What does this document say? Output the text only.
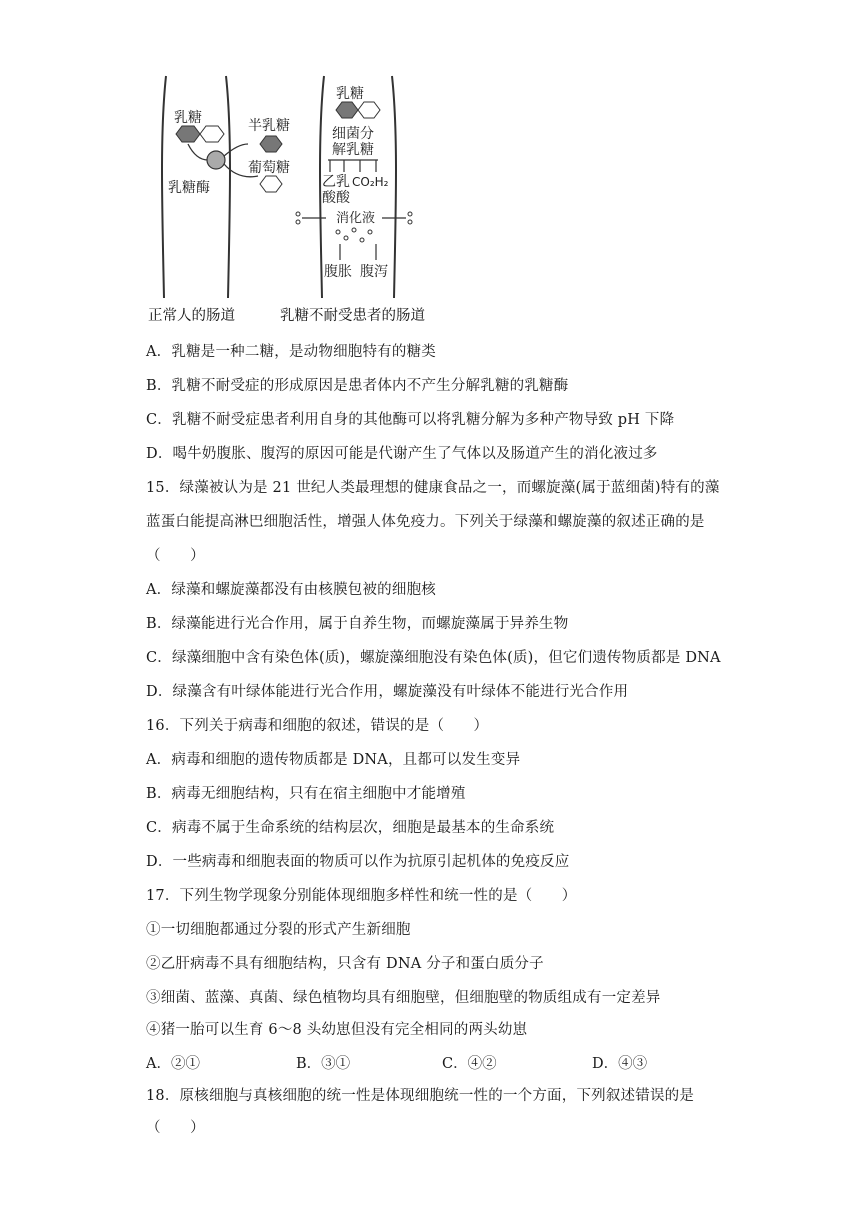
乳糖
乳糖酶
半乳糖
葡萄糖
正常人的肠道
乳糖
细菌分
解乳糖
乙乳
酸酸
CO₂H₂
消化液
腹胀 腹泻
乳糖不耐受患者的肠道

A．乳糖是一种二糖，是动物细胞特有的糖类

B．乳糖不耐受症的形成原因是患者体内不产生分解乳糖的乳糖酶

C．乳糖不耐受症患者利用自身的其他酶可以将乳糖分解为多种产物导致 pH 下降

D．喝牛奶腹胀、腹泻的原因可能是代谢产生了气体以及肠道产生的消化液过多

15．绿藻被认为是 21 世纪人类最理想的健康食品之一，而螺旋藻(属于蓝细菌)特有的藻

蓝蛋白能提高淋巴细胞活性，增强人体免疫力。下列关于绿藻和螺旋藻的叙述正确的是

（　　）

A．绿藻和螺旋藻都没有由核膜包被的细胞核

B．绿藻能进行光合作用，属于自养生物，而螺旋藻属于异养生物

C．绿藻细胞中含有染色体(质)，螺旋藻细胞没有染色体(质)，但它们遗传物质都是 DNA

D．绿藻含有叶绿体能进行光合作用，螺旋藻没有叶绿体不能进行光合作用

16．下列关于病毒和细胞的叙述，错误的是（　　）

A．病毒和细胞的遗传物质都是 DNA，且都可以发生变异

B．病毒无细胞结构，只有在宿主细胞中才能增殖

C．病毒不属于生命系统的结构层次，细胞是最基本的生命系统

D．一些病毒和细胞表面的物质可以作为抗原引起机体的免疫反应

17．下列生物学现象分别能体现细胞多样性和统一性的是（　　）

①一切细胞都通过分裂的形式产生新细胞

②乙肝病毒不具有细胞结构，只含有 DNA 分子和蛋白质分子

③细菌、蓝藻、真菌、绿色植物均具有细胞壁，但细胞壁的物质组成有一定差异

④猪一胎可以生育 6～8 头幼崽但没有完全相同的两头幼崽

A．②①	B．③①	C．④②	D．④③

18．原核细胞与真核细胞的统一性是体现细胞统一性的一个方面，下列叙述错误的是

（　　）
